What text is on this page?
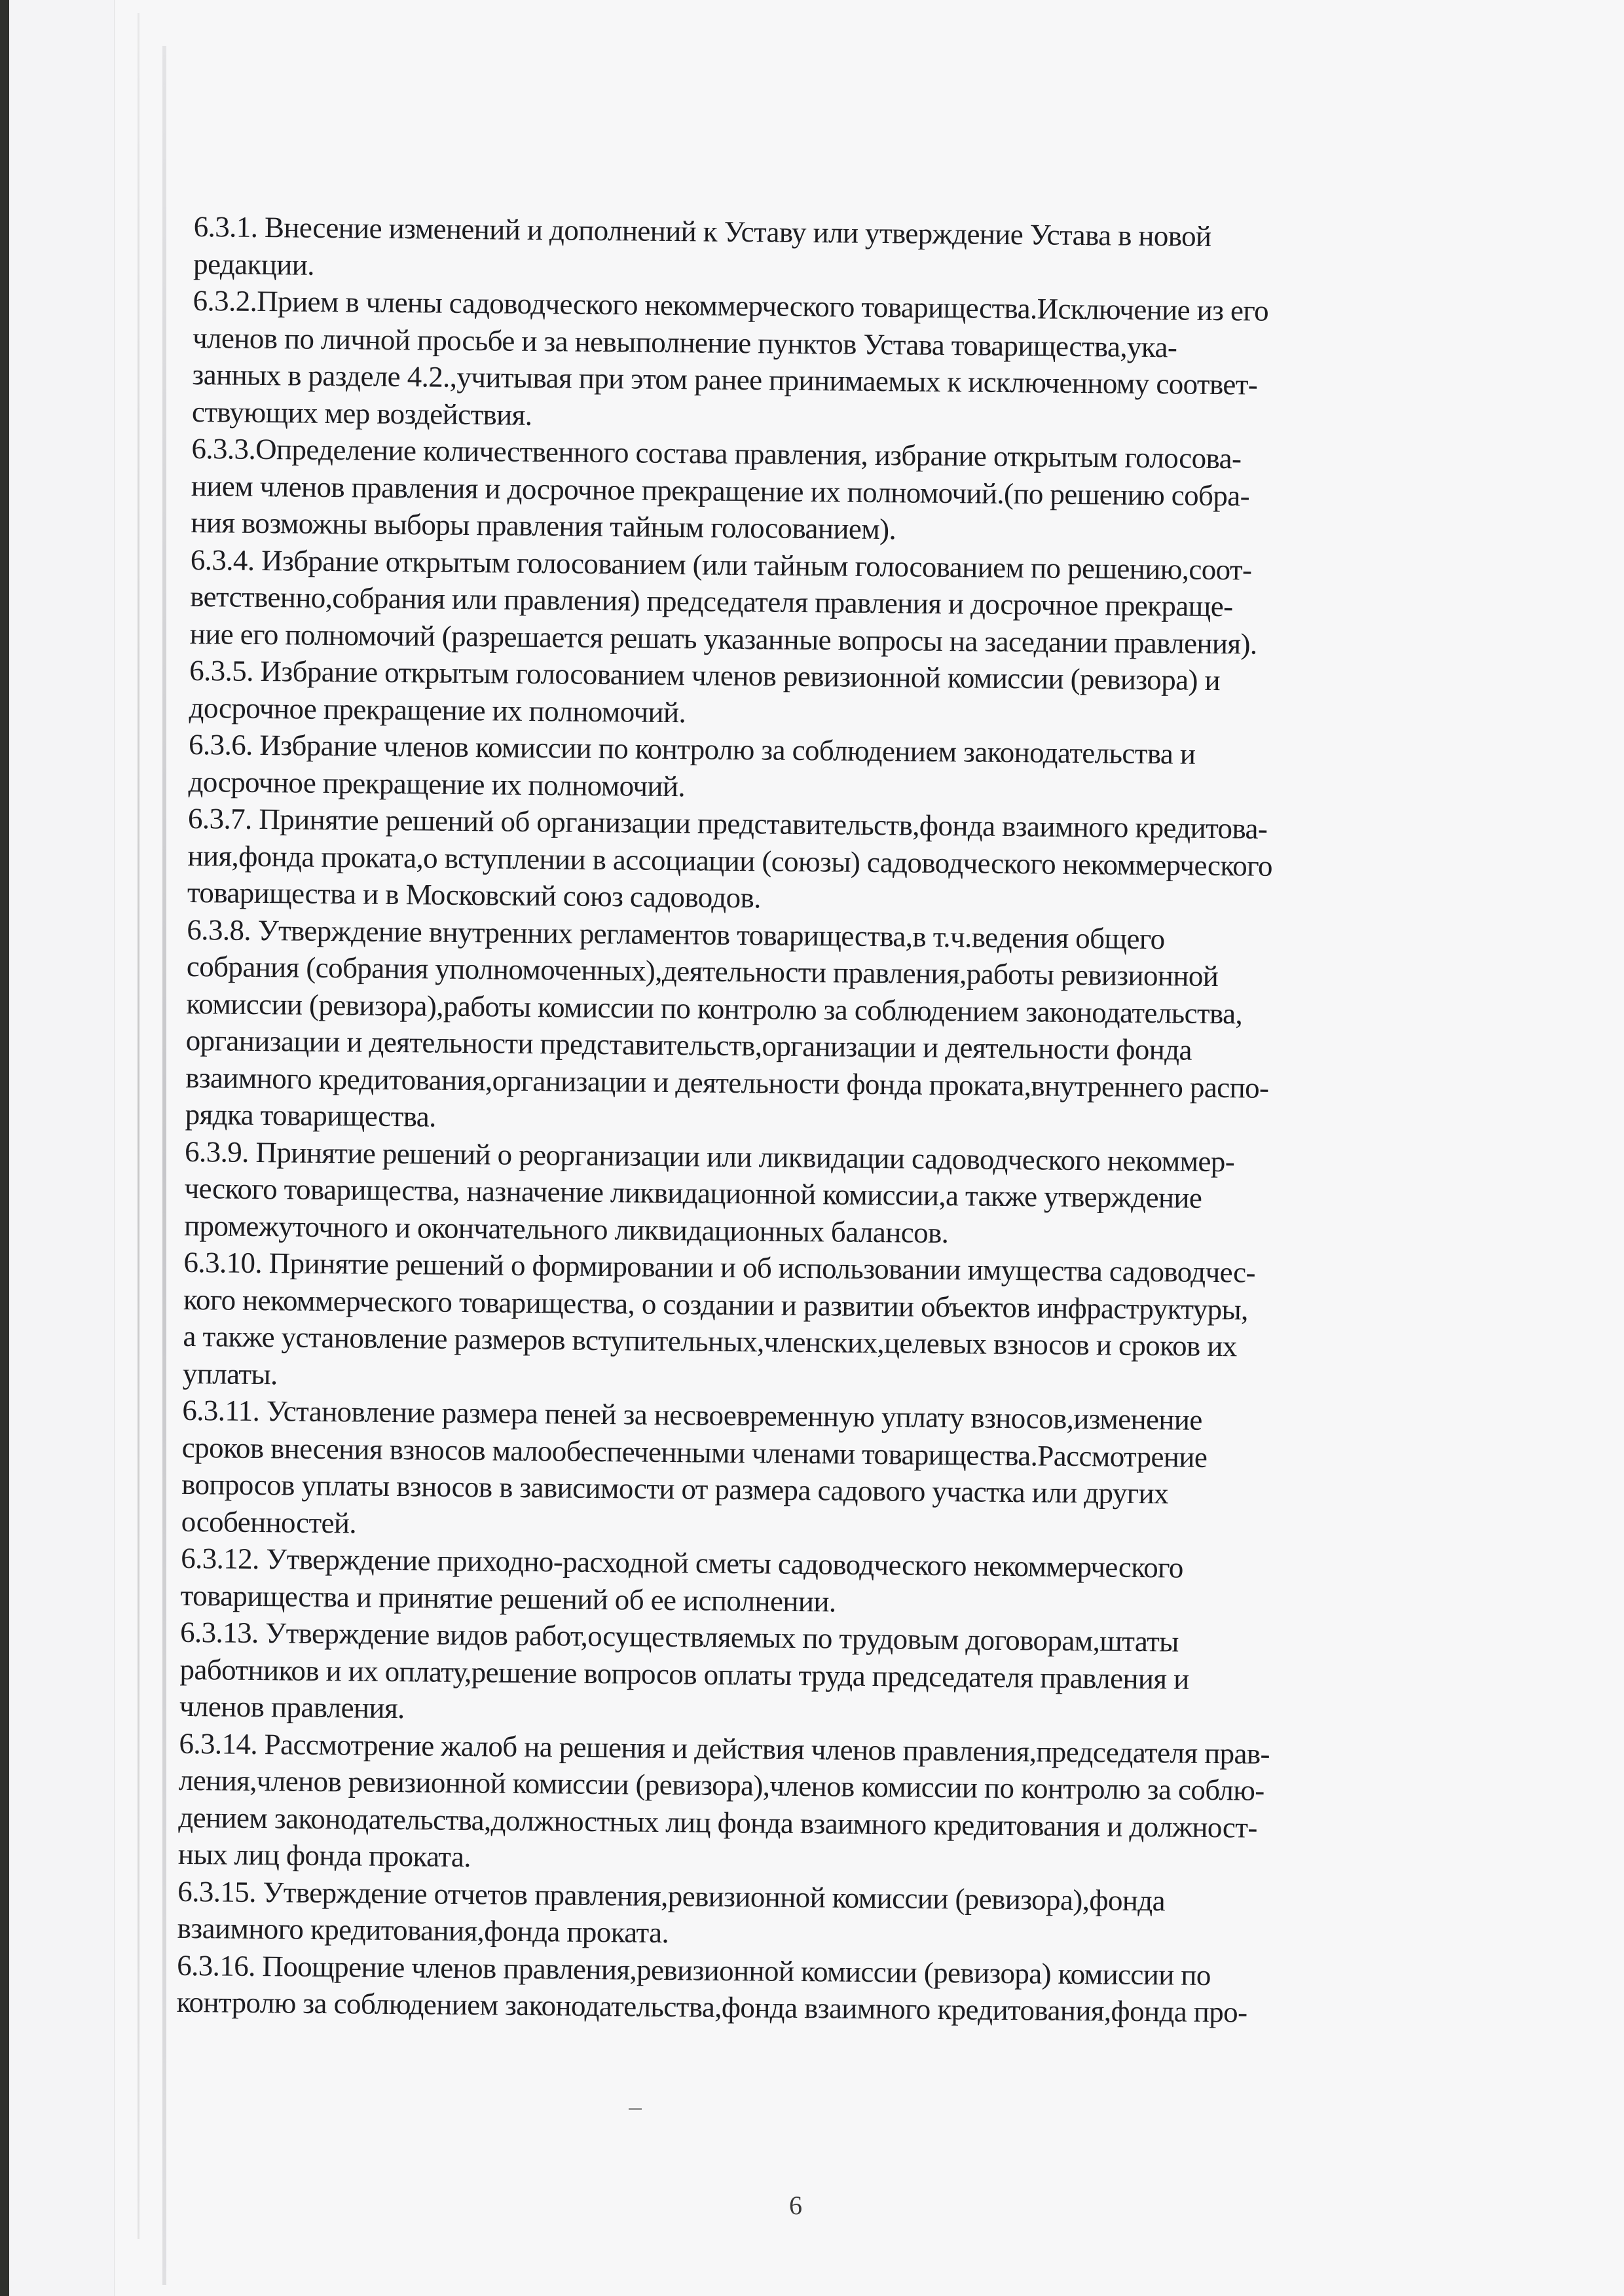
6.3.1. Внесение изменений и дополнений к Уставу или утверждение Устава в новой
редакции.

6.3.2.Прием в члены садоводческого некоммерческого товарищества.Исключение из его
членов по личной просьбе и за невыполнение пунктов Устава товарищества,ука-
занных в разделе 4.2.,учитывая при этом ранее принимаемых к исключенному соответ-
ствующих мер воздействия.

6.3.3.Определение количественного состава правления, избрание открытым голосова-
нием членов правления и досрочное прекращение их полномочий.(по решению собра-
ния возможны выборы правления тайным голосованием).

6.3.4. Избрание открытым голосованием (или тайным голосованием по решению,соот-
ветственно,собрания или правления) председателя правления и досрочное прекраще-
ние его полномочий (разрешается решать указанные вопросы на заседании правления).

6.3.5. Избрание открытым голосованием членов ревизионной комиссии (ревизора) и
досрочное прекращение их полномочий.

6.3.6. Избрание членов комиссии по контролю за соблюдением законодательства и
досрочное прекращение их полномочий.

6.3.7. Принятие решений об организации представительств,фонда взаимного кредитова-
ния,фонда проката,о вступлении в ассоциации (союзы) садоводческого некоммерческого
товарищества и в Московский союз садоводов.

6.3.8. Утверждение внутренних регламентов товарищества,в т.ч.ведения общего
собрания (собрания уполномоченных),деятельности правления,работы ревизионной
комиссии (ревизора),работы комиссии по контролю за соблюдением законодательства,
организации и деятельности представительств,организации и деятельности фонда
взаимного кредитования,организации и деятельности фонда проката,внутреннего распо-
рядка товарищества.

6.3.9. Принятие решений о реорганизации или ликвидации садоводческого некоммер-
ческого товарищества, назначение ликвидационной комиссии,а также утверждение
промежуточного и окончательного ликвидационных балансов.

6.3.10. Принятие решений о формировании и об использовании имущества садоводчес-
кого некоммерческого товарищества, о создании и развитии объектов инфраструктуры,
а также установление размеров вступительных,членских,целевых взносов и сроков их
уплаты.

6.3.11. Установление размера пеней за несвоевременную уплату взносов,изменение
сроков внесения взносов малообеспеченными членами товарищества.Рассмотрение
вопросов уплаты взносов в зависимости от размера садового участка или других
особенностей.

6.3.12. Утверждение приходно-расходной сметы садоводческого некоммерческого
товарищества и принятие решений об ее исполнении.

6.3.13. Утверждение видов работ,осуществляемых по трудовым договорам,штаты
работников и их оплату,решение вопросов оплаты труда председателя правления и
членов правления.

6.3.14. Рассмотрение жалоб на решения и действия членов правления,председателя прав-
ления,членов ревизионной комиссии (ревизора),членов комиссии по контролю за соблю-
дением законодательства,должностных лиц фонда взаимного кредитования и должност-
ных лиц фонда проката.

6.3.15. Утверждение отчетов правления,ревизионной комиссии (ревизора),фонда
взаимного кредитования,фонда проката.

6.3.16. Поощрение членов правления,ревизионной комиссии (ревизора) комиссии по
контролю за соблюдением законодательства,фонда взаимного кредитования,фонда про-

6
